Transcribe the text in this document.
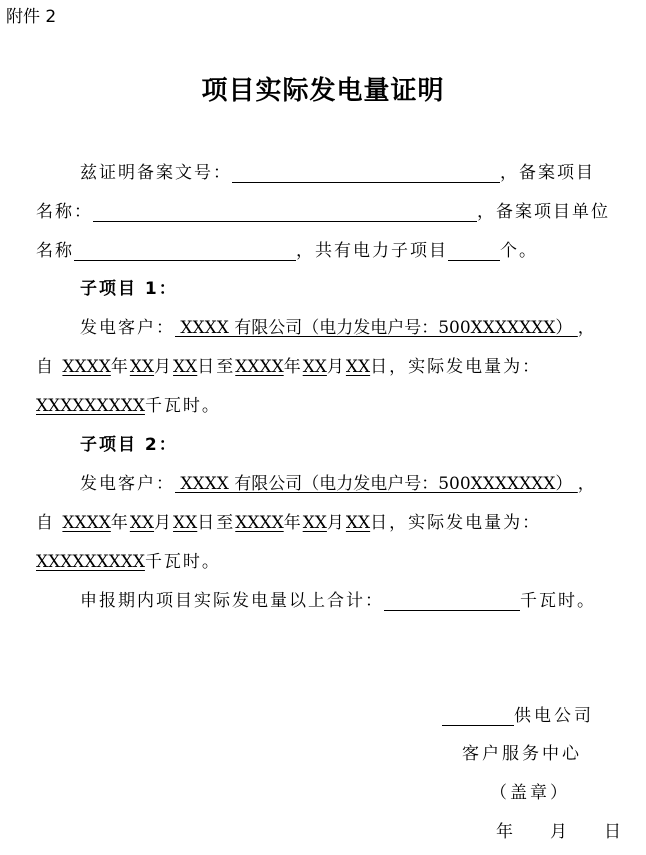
附件 2
项目实际发电量证明
兹证明备案文号：	，备案项目
名称：	，备案项目单位
名称	，共有电力子项目	个。
子项目 1：
发电客户： XXXX 有限公司（电力发电户号：500XXXXXXX） ，
自 XXXX年XX月XX日至XXXX年XX月XX日，实际发电量为：
XXXXXXXXX千瓦时。
子项目 2：
发电客户： XXXX 有限公司（电力发电户号：500XXXXXXX） ，
自 XXXX年XX月XX日至XXXX年XX月XX日，实际发电量为：
XXXXXXXXX千瓦时。
申报期内项目实际发电量以上合计：	千瓦时。
供电公司
客户服务中心
（盖章）
年 月 日
